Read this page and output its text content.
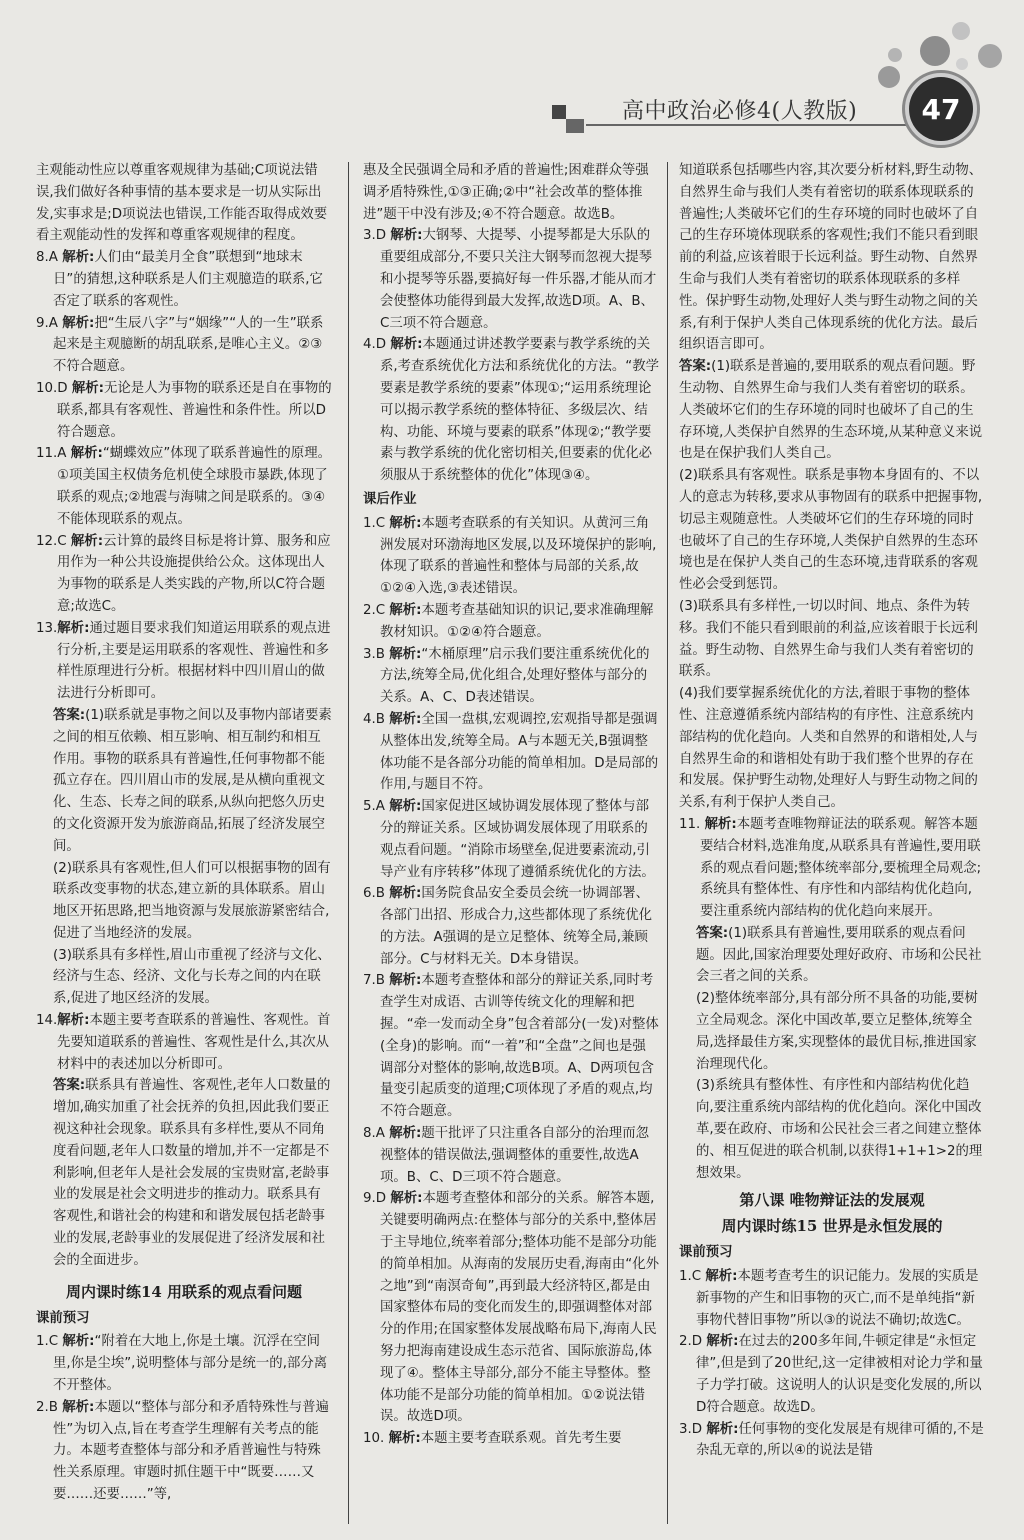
高中政治必修4(人教版)	47

主观能动性应以尊重客观规律为基础;C项说法错误,我们做好各种事情的基本要求是一切从实际出发,实事求是;D项说法也错误,工作能否取得成效要看主观能动性的发挥和尊重客观规律的程度。

8.A 解析:人们由“最美月全食”联想到“地球末日”的猜想,这种联系是人们主观臆造的联系,它否定了联系的客观性。

9.A 解析:把“生辰八字”与“姻缘”“人的一生”联系起来是主观臆断的胡乱联系,是唯心主义。②③不符合题意。

10.D 解析:无论是人为事物的联系还是自在事物的联系,都具有客观性、普遍性和条件性。所以D符合题意。

11.A 解析:“蝴蝶效应”体现了联系普遍性的原理。①项美国主权债务危机使全球股市暴跌,体现了联系的观点;②地震与海啸之间是联系的。③④不能体现联系的观点。

12.C 解析:云计算的最终目标是将计算、服务和应用作为一种公共设施提供给公众。这体现出人为事物的联系是人类实践的产物,所以C符合题意;故选C。

13.解析:通过题目要求我们知道运用联系的观点进行分析,主要是运用联系的客观性、普遍性和多样性原理进行分析。根据材料中四川眉山的做法进行分析即可。

答案:(1)联系就是事物之间以及事物内部诸要素之间的相互依赖、相互影响、相互制约和相互作用。事物的联系具有普遍性,任何事物都不能孤立存在。四川眉山市的发展,是从横向重视文化、生态、长寿之间的联系,从纵向把悠久历史的文化资源开发为旅游商品,拓展了经济发展空间。

(2)联系具有客观性,但人们可以根据事物的固有联系改变事物的状态,建立新的具体联系。眉山地区开拓思路,把当地资源与发展旅游紧密结合,促进了当地经济的发展。

(3)联系具有多样性,眉山市重视了经济与文化、经济与生态、经济、文化与长寿之间的内在联系,促进了地区经济的发展。

14.解析:本题主要考查联系的普遍性、客观性。首先要知道联系的普遍性、客观性是什么,其次从材料中的表述加以分析即可。

答案:联系具有普遍性、客观性,老年人口数量的增加,确实加重了社会抚养的负担,因此我们要正视这种社会现象。联系具有多样性,要从不同角度看问题,老年人口数量的增加,并不一定都是不利影响,但老年人是社会发展的宝贵财富,老龄事业的发展是社会文明进步的推动力。联系具有客观性,和谐社会的构建和和谐发展包括老龄事业的发展,老龄事业的发展促进了经济发展和社会的全面进步。

周内课时练14 用联系的观点看问题
课前预习

1.C 解析:“附着在大地上,你是土壤。沉浮在空间里,你是尘埃”,说明整体与部分是统一的,部分离不开整体。

2.B 解析:本题以“整体与部分和矛盾特殊性与普遍性”为切入点,旨在考查学生理解有关考点的能力。本题考查整体与部分和矛盾普遍性与特殊性关系原理。审题时抓住题干中“既要……又要……还要……”等,

惠及全民强调全局和矛盾的普遍性;困难群众等强调矛盾特殊性,①③正确;②中“社会改革的整体推进”题干中没有涉及;④不符合题意。故选B。

3.D 解析:大钢琴、大提琴、小提琴都是大乐队的重要组成部分,不要只关注大钢琴而忽视大提琴和小提琴等乐器,要搞好每一件乐器,才能从而才会使整体功能得到最大发挥,故选D项。A、B、C三项不符合题意。

4.D 解析:本题通过讲述教学要素与教学系统的关系,考查系统优化方法和系统优化的方法。“教学要素是教学系统的要素”体现①;“运用系统理论可以揭示教学系统的整体特征、多级层次、结构、功能、环境与要素的联系”体现②;“教学要素与教学系统的优化密切相关,但要素的优化必须服从于系统整体的优化”体现③④。

课后作业

1.C 解析:本题考查联系的有关知识。从黄河三角洲发展对环渤海地区发展,以及环境保护的影响,体现了联系的普遍性和整体与局部的关系,故①②④入选,③表述错误。

2.C 解析:本题考查基础知识的识记,要求准确理解教材知识。①②④符合题意。

3.B 解析:“木桶原理”启示我们要注重系统优化的方法,统筹全局,优化组合,处理好整体与部分的关系。A、C、D表述错误。

4.B 解析:全国一盘棋,宏观调控,宏观指导都是强调从整体出发,统筹全局。A与本题无关,B强调整体功能不是各部分功能的简单相加。D是局部的作用,与题目不符。

5.A 解析:国家促进区域协调发展体现了整体与部分的辩证关系。区域协调发展体现了用联系的观点看问题。“消除市场壁垒,促进要素流动,引导产业有序转移”体现了遵循系统优化的方法。

6.B 解析:国务院食品安全委员会统一协调部署、各部门出招、形成合力,这些都体现了系统优化的方法。A强调的是立足整体、统筹全局,兼顾部分。C与材料无关。D本身错误。

7.B 解析:本题考查整体和部分的辩证关系,同时考查学生对成语、古训等传统文化的理解和把握。“牵一发而动全身”包含着部分(一发)对整体(全身)的影响。而“一着”和“全盘”之间也是强调部分对整体的影响,故选B项。A、D两项包含量变引起质变的道理;C项体现了矛盾的观点,均不符合题意。

8.A 解析:题干批评了只注重各自部分的治理而忽视整体的错误做法,强调整体的重要性,故选A项。B、C、D三项不符合题意。

9.D 解析:本题考查整体和部分的关系。解答本题,关键要明确两点:在整体与部分的关系中,整体居于主导地位,统率着部分;整体功能不是部分功能的简单相加。从海南的发展历史看,海南由“化外之地”到“南溟奇甸”,再到最大经济特区,都是由国家整体布局的变化而发生的,即强调整体对部分的作用;在国家整体发展战略布局下,海南人民努力把海南建设成生态示范省、国际旅游岛,体现了④。整体主导部分,部分不能主导整体。整体功能不是部分功能的简单相加。①②说法错误。故选D项。

10. 解析:本题主要考查联系观。首先考生要

知道联系包括哪些内容,其次要分析材料,野生动物、自然界生命与我们人类有着密切的联系体现联系的普遍性;人类破坏它们的生存环境的同时也破坏了自己的生存环境体现联系的客观性;我们不能只看到眼前的利益,应该着眼于长远利益。野生动物、自然界生命与我们人类有着密切的联系体现联系的多样性。保护野生动物,处理好人类与野生动物之间的关系,有利于保护人类自己体现系统的优化方法。最后组织语言即可。

答案:(1)联系是普遍的,要用联系的观点看问题。野生动物、自然界生命与我们人类有着密切的联系。人类破坏它们的生存环境的同时也破坏了自己的生存环境,人类保护自然界的生态环境,从某种意义来说也是在保护我们人类自己。

(2)联系具有客观性。联系是事物本身固有的、不以人的意志为转移,要求从事物固有的联系中把握事物,切忌主观随意性。人类破坏它们的生存环境的同时也破坏了自己的生存环境,人类保护自然界的生态环境也是在保护人类自己的生态环境,违背联系的客观性必会受到惩罚。

(3)联系具有多样性,一切以时间、地点、条件为转移。我们不能只看到眼前的利益,应该着眼于长远利益。野生动物、自然界生命与我们人类有着密切的联系。

(4)我们要掌握系统优化的方法,着眼于事物的整体性、注意遵循系统内部结构的有序性、注意系统内部结构的优化趋向。人类和自然界的和谐相处,人与自然界生命的和谐相处有助于我们整个世界的存在和发展。保护野生动物,处理好人与野生动物之间的关系,有利于保护人类自己。

11. 解析:本题考查唯物辩证法的联系观。解答本题要结合材料,选准角度,从联系具有普遍性,要用联系的观点看问题;整体统率部分,要梳理全局观念;系统具有整体性、有序性和内部结构优化趋向,要注重系统内部结构的优化趋向来展开。

答案:(1)联系具有普遍性,要用联系的观点看问题。因此,国家治理要处理好政府、市场和公民社会三者之间的关系。

(2)整体统率部分,具有部分所不具备的功能,要树立全局观念。深化中国改革,要立足整体,统筹全局,选择最佳方案,实现整体的最优目标,推进国家治理现代化。

(3)系统具有整体性、有序性和内部结构优化趋向,要注重系统内部结构的优化趋向。深化中国改革,要在政府、市场和公民社会三者之间建立整体的、相互促进的联合机制,以获得1+1+1>2的理想效果。

第八课 唯物辩证法的发展观
周内课时练15 世界是永恒发展的
课前预习

1.C 解析:本题考查考生的识记能力。发展的实质是新事物的产生和旧事物的灭亡,而不是单纯指“新事物代替旧事物”所以③的说法不确切;故选C。

2.D 解析:在过去的200多年间,牛顿定律是“永恒定律”,但是到了20世纪,这一定律被相对论力学和量子力学打破。这说明人的认识是变化发展的,所以D符合题意。故选D。

3.D 解析:任何事物的变化发展是有规律可循的,不是杂乱无章的,所以④的说法是错
